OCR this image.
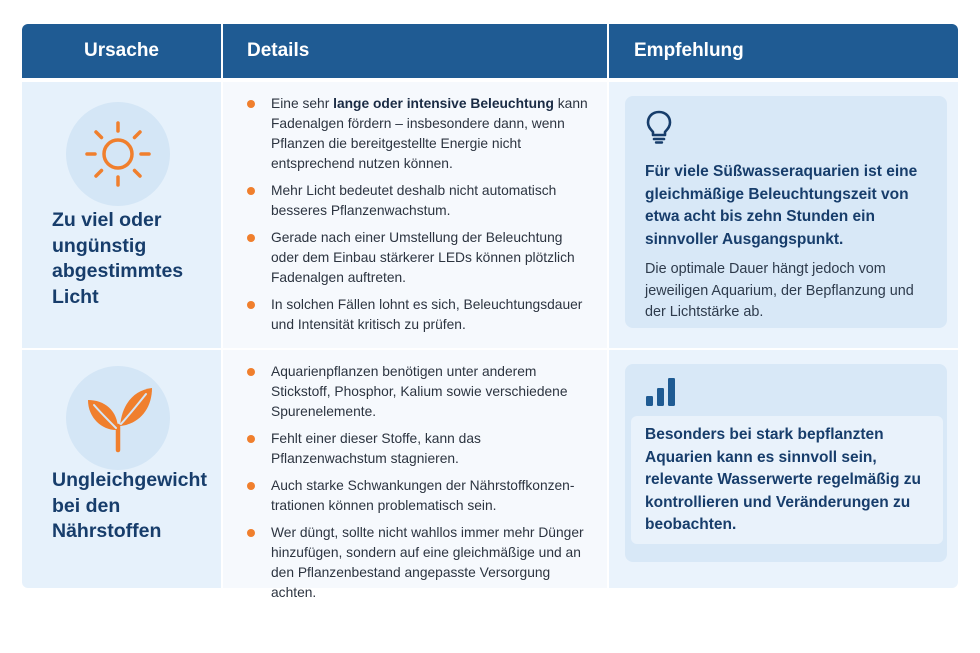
Ursache	Details	Empfehlung
Zu viel oder ungünstig abgestimmtes Licht
Eine sehr lange oder intensive Beleuchtung kann Fadenalgen fördern – insbesondere dann, wenn Pflanzen die bereitgestellte Energie nicht entsprechend nutzen können.
Mehr Licht bedeutet deshalb nicht automatisch besseres Pflanzenwachstum.
Gerade nach einer Umstellung der Beleuchtung oder dem Einbau stärkerer LEDs können plötzlich Fadenalgen auftreten.
In solchen Fällen lohnt es sich, Beleuchtungsdauer und Intensität kritisch zu prüfen.
Für viele Süßwasseraquarien ist eine gleichmäßige Beleuchtungszeit von etwa acht bis zehn Stunden ein sinnvoller Ausgangspunkt.
Die optimale Dauer hängt jedoch vom jeweiligen Aquarium, der Bepflanzung und der Lichtstärke ab.
Ungleichgewicht bei den Nährstoffen
Aquarienpflanzen benötigen unter anderem Stickstoff, Phosphor, Kalium sowie verschiedene Spurenelemente.
Fehlt einer dieser Stoffe, kann das Pflanzenwachstum stagnieren.
Auch starke Schwankungen der Nährstoffkonzen-trationen können problematisch sein.
Wer düngt, sollte nicht wahllos immer mehr Dünger hinzufügen, sondern auf eine gleichmäßige und an den Pflanzenbestand angepasste Versorgung achten.
Besonders bei stark bepflanzten Aquarien kann es sinnvoll sein, relevante Wasserwerte regelmäßig zu kontrollieren und Veränderungen zu beobachten.
